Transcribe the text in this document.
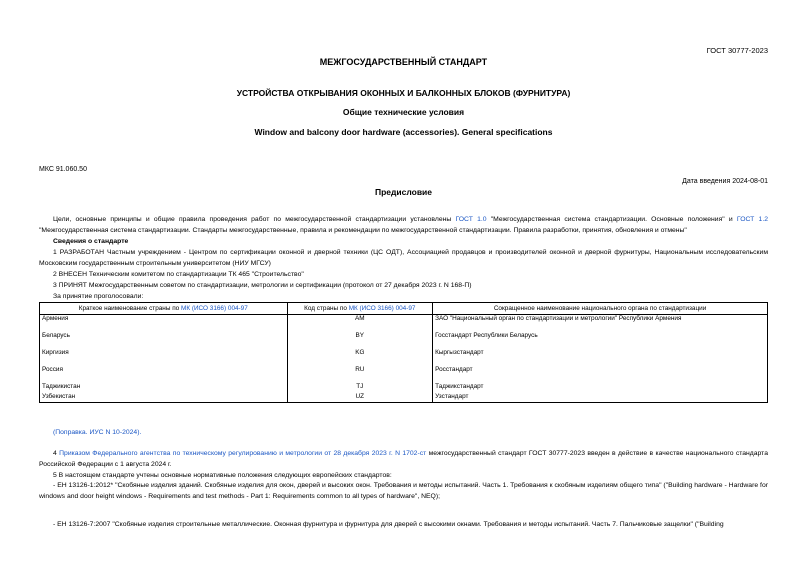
ГОСТ 30777-2023
МЕЖГОСУДАРСТВЕННЫЙ СТАНДАРТ
УСТРОЙСТВА ОТКРЫВАНИЯ ОКОННЫХ И БАЛКОННЫХ БЛОКОВ (ФУРНИТУРА)
Общие технические условия
Window and balcony door hardware (accessories). General specifications
МКС 91.060.50
Дата введения 2024-08-01
Предисловие
Цели, основные принципы и общие правила проведения работ по межгосударственной стандартизации установлены ГОСТ 1.0 "Межгосударственная система стандартизации. Основные положения" и ГОСТ 1.2 "Межгосударственная система стандартизации. Стандарты межгосударственные, правила и рекомендации по межгосударственной стандартизации. Правила разработки, принятия, обновления и отмены"
Сведения о стандарте
1 РАЗРАБОТАН Частным учреждением - Центром по сертификации оконной и дверной техники (ЦС ОДТ), Ассоциацией продавцов и производителей оконной и дверной фурнитуры, Национальным исследовательским Московским государственным строительным университетом (НИУ МГСУ)
2 ВНЕСЕН Техническим комитетом по стандартизации ТК 465 "Строительство"
3 ПРИНЯТ Межгосударственным советом по стандартизации, метрологии и сертификации (протокол от 27 декабря 2023 г. N 168-П)
За принятие проголосовали:
Краткое наименование страны по МК (ИСО 3166) 004-97	Код страны по МК (ИСО 3166) 004-97	Сокращенное наименование национального органа по стандартизации
Армения	AM	ЗАО "Национальный орган по стандартизации и метрологии" Республики Армения
Беларусь	BY	Госстандарт Республики Беларусь
Киргизия	KG	Кыргызстандарт
Россия	RU	Росстандарт
Таджикистан	TJ	Таджикстандарт
Узбекистан	UZ	Узстандарт
(Поправка. ИУС N 10-2024).
4 Приказом Федерального агентства по техническому регулированию и метрологии от 28 декабря 2023 г. N 1702-ст межгосударственный стандарт ГОСТ 30777-2023 введен в действие в качестве национального стандарта Российской Федерации с 1 августа 2024 г.
5 В настоящем стандарте учтены основные нормативные положения следующих европейских стандартов:
- ЕН 13126-1:2012* "Скобяные изделия зданий. Скобяные изделия для окон, дверей и высоких окон. Требования и методы испытаний. Часть 1. Требования к скобяным изделиям общего типа" ("Building hardware - Hardware for windows and door height windows - Requirements and test methods - Part 1: Requirements common to all types of hardware", NEQ);
- ЕН 13126-7:2007 "Скобяные изделия строительные металлические. Оконная фурнитура и фурнитура для дверей с высокими окнами. Требования и методы испытаний. Часть 7. Пальчиковые защелки" ("Building
